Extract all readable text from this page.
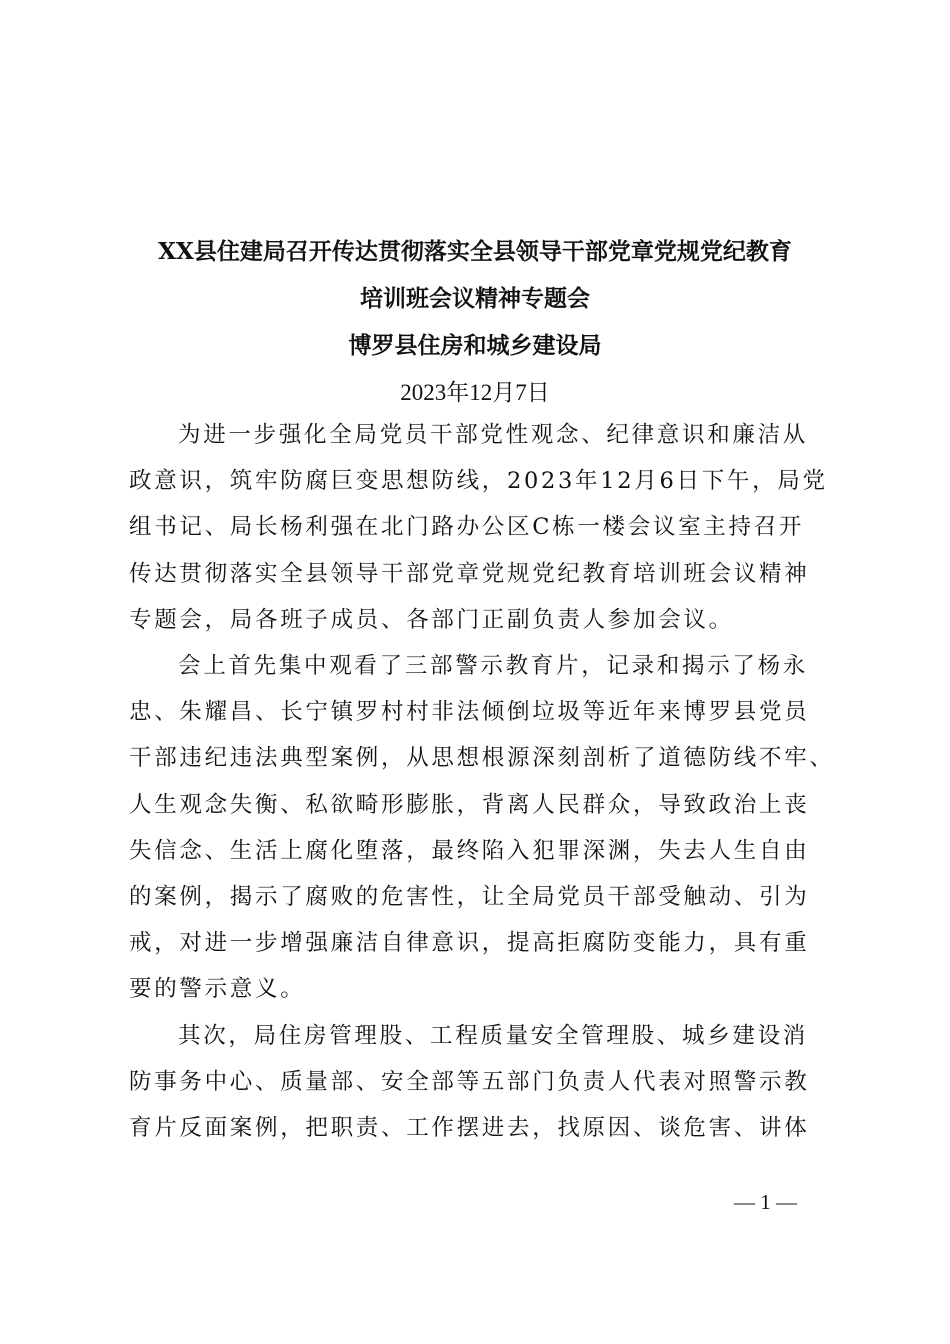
XX县住建局召开传达贯彻落实全县领导干部党章党规党纪教育
培训班会议精神专题会
博罗县住房和城乡建设局
2023年12月7日

为进一步强化全局党员干部党性观念、纪律意识和廉洁从
政意识，筑牢防腐巨变思想防线，2023年12月6日下午，局党
组书记、局长杨利强在北门路办公区C栋一楼会议室主持召开
传达贯彻落实全县领导干部党章党规党纪教育培训班会议精神
专题会，局各班子成员、各部门正副负责人参加会议。

会上首先集中观看了三部警示教育片，记录和揭示了杨永
忠、朱耀昌、长宁镇罗村村非法倾倒垃圾等近年来博罗县党员
干部违纪违法典型案例，从思想根源深刻剖析了道德防线不牢、
人生观念失衡、私欲畸形膨胀，背离人民群众，导致政治上丧
失信念、生活上腐化堕落，最终陷入犯罪深渊，失去人生自由
的案例，揭示了腐败的危害性，让全局党员干部受触动、引为
戒，对进一步增强廉洁自律意识，提高拒腐防变能力，具有重
要的警示意义。

其次，局住房管理股、工程质量安全管理股、城乡建设消
防事务中心、质量部、安全部等五部门负责人代表对照警示教
育片反面案例，把职责、工作摆进去，找原因、谈危害、讲体

— 1 —
